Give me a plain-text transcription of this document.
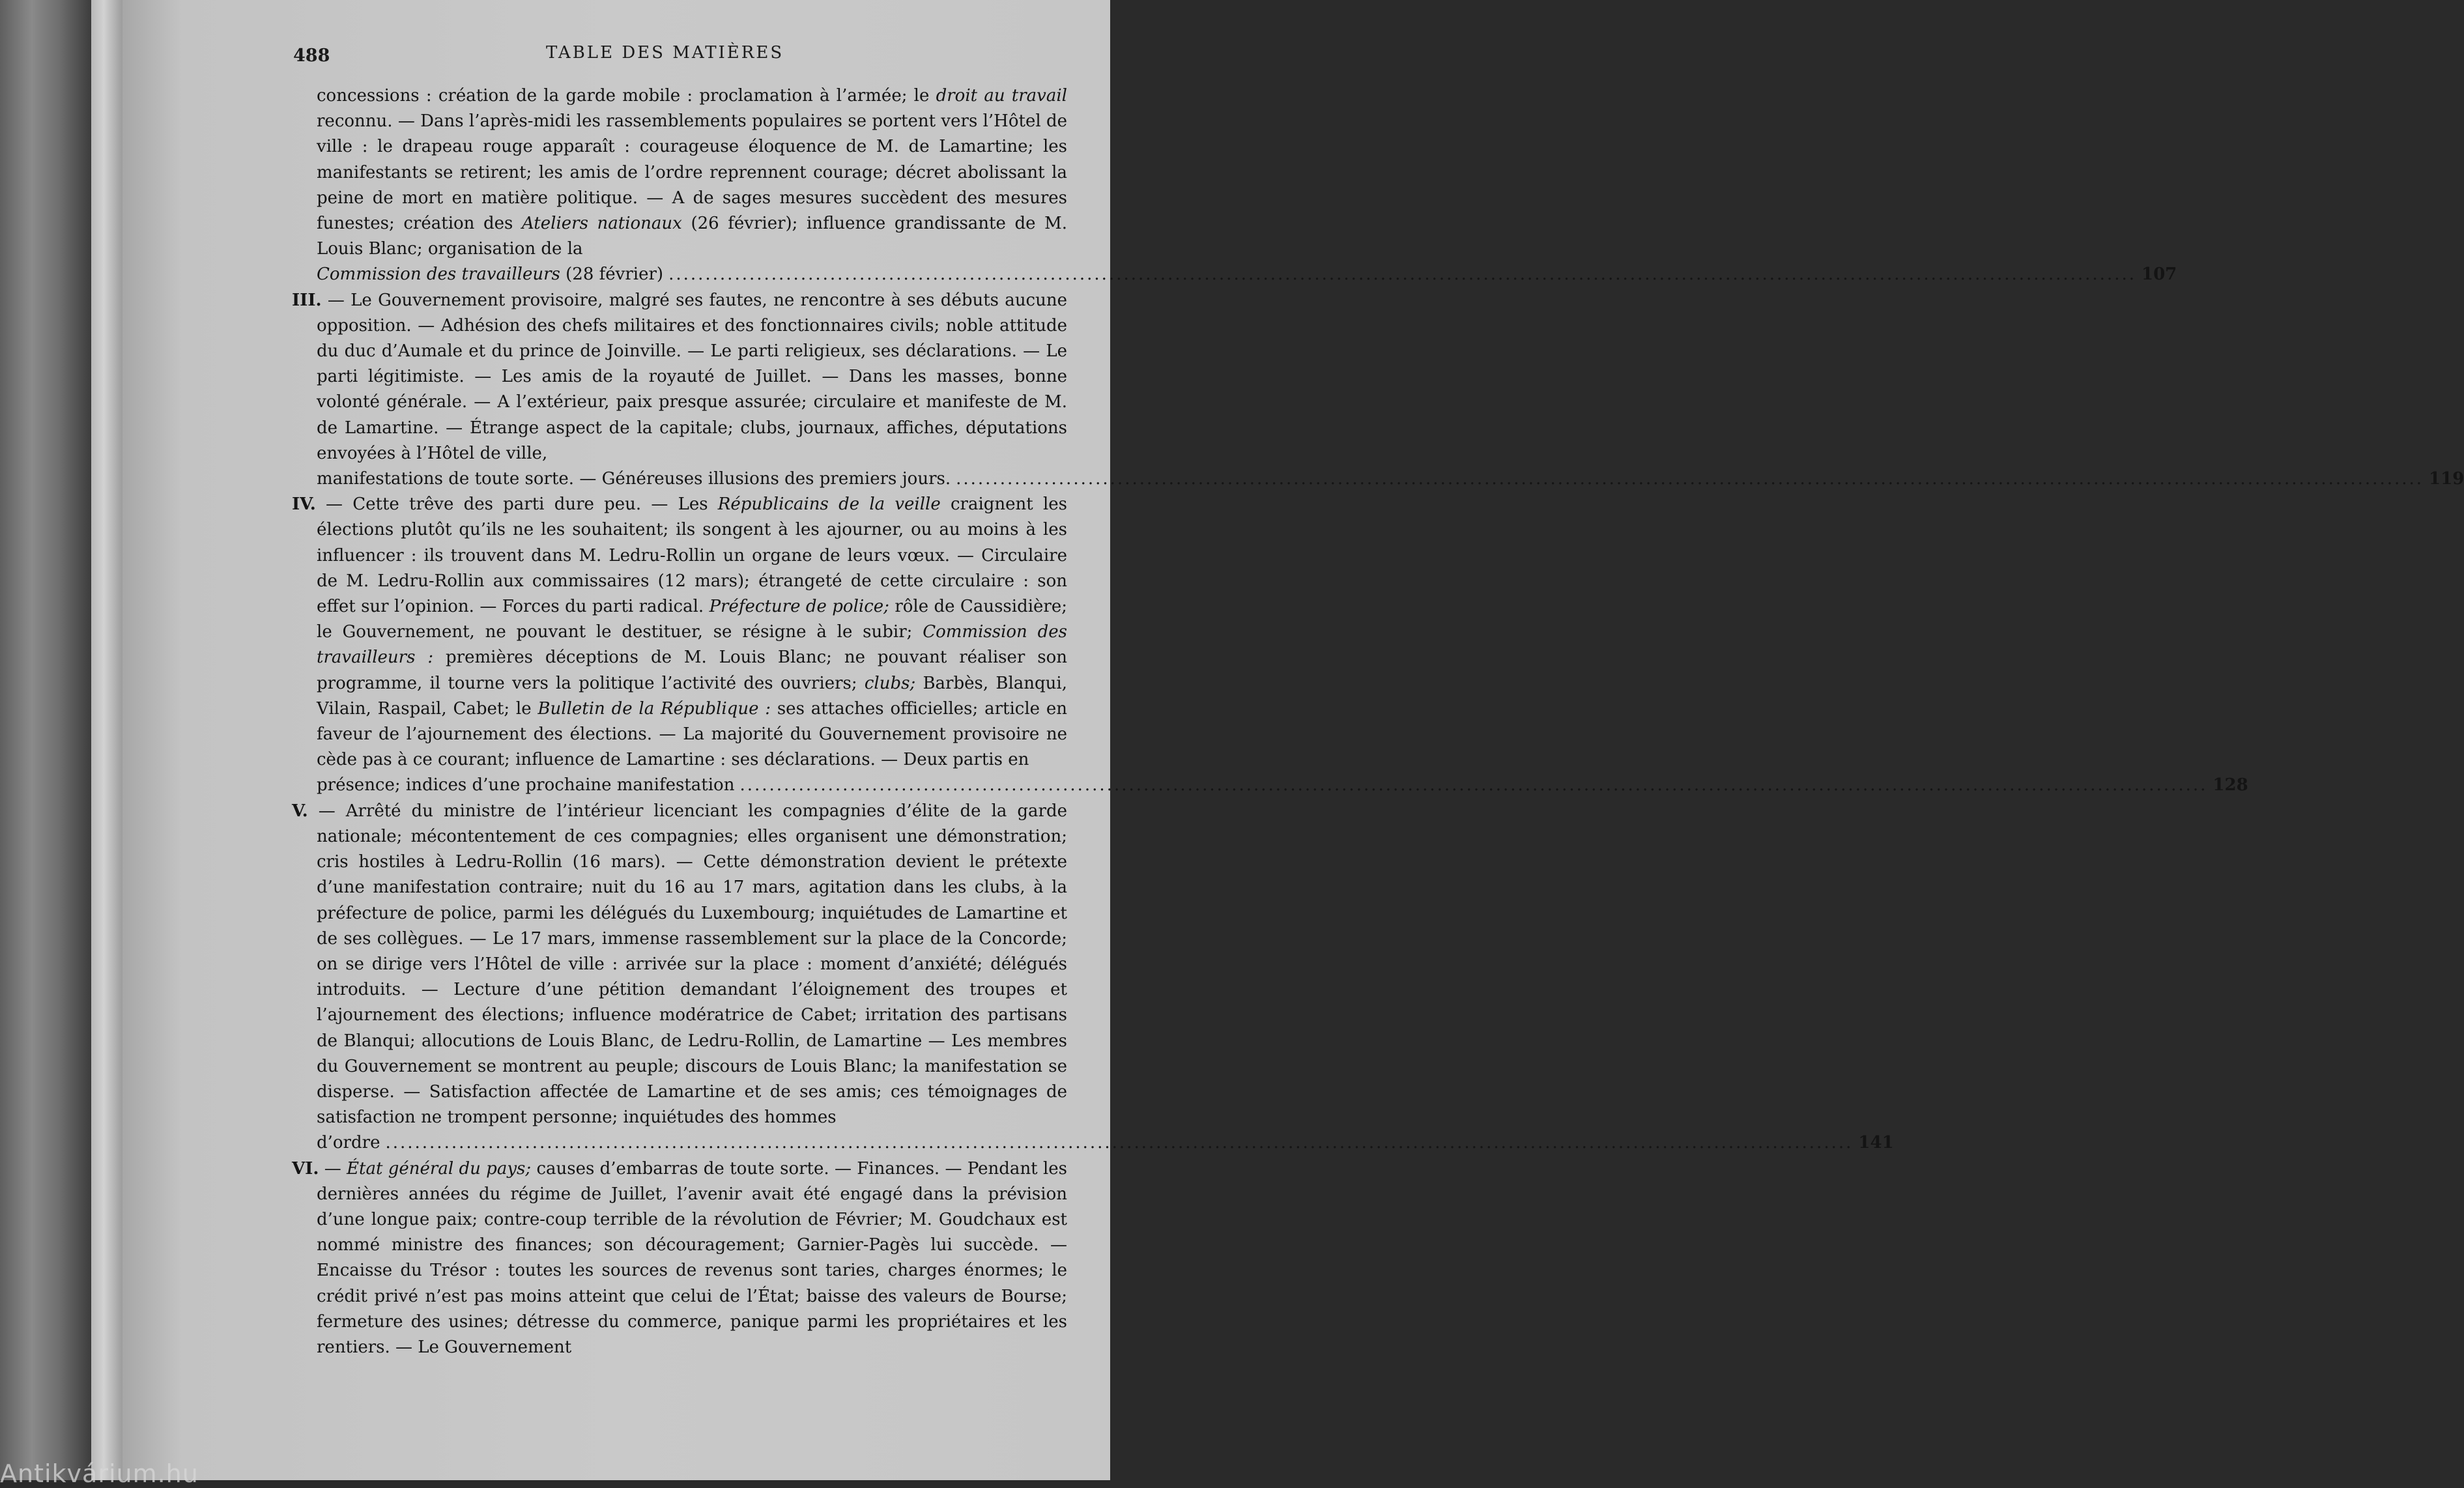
488	TABLE DES MATIÈRES

concessions : création de la garde mobile : proclamation à l’armée; le droit au travail reconnu. — Dans l’après-midi les rassemblements populaires se portent vers l’Hôtel de ville : le drapeau rouge apparaît : courageuse éloquence de M. de Lamartine; les manifestants se retirent; les amis de l’ordre reprennent courage; décret abolissant la peine de mort en matière politique. — A de sages mesures succèdent des mesures funestes; création des Ateliers nationaux (26 février); influence grandissante de M. Louis Blanc; organisation de la

Commission des travailleurs (28 février) ........................................................................................................................................................................................................ 107

III. — Le Gouvernement provisoire, malgré ses fautes, ne rencontre à ses débuts aucune opposition. — Adhésion des chefs militaires et des fonctionnaires civils; noble attitude du duc d’Aumale et du prince de Joinville. — Le parti religieux, ses déclarations. — Le parti légitimiste. — Les amis de la royauté de Juillet. — Dans les masses, bonne volonté générale. — A l’extérieur, paix presque assurée; circulaire et manifeste de M. de Lamartine. — Étrange aspect de la capitale; clubs, journaux, affiches, députations envoyées à l’Hôtel de ville,

manifestations de toute sorte. — Généreuses illusions des premiers jours. ........................................................................................................................................................................................................ 119

IV. — Cette trêve des parti dure peu. — Les Républicains de la veille craignent les élections plutôt qu’ils ne les souhaitent; ils songent à les ajourner, ou au moins à les influencer : ils trouvent dans M. Ledru-Rollin un organe de leurs vœux. — Circulaire de M. Ledru-Rollin aux commissaires (12 mars); étrangeté de cette circulaire : son effet sur l’opinion. — Forces du parti radical. Préfecture de police; rôle de Caussidière; le Gouvernement, ne pouvant le destituer, se résigne à le subir; Commission des travailleurs : premières déceptions de M. Louis Blanc; ne pouvant réaliser son programme, il tourne vers la politique l’activité des ouvriers; clubs; Barbès, Blanqui, Vilain, Raspail, Cabet; le Bulletin de la République : ses attaches officielles; article en faveur de l’ajournement des élections. — La majorité du Gouvernement provisoire ne cède pas à ce courant; influence de Lamartine : ses déclarations. — Deux partis en

présence; indices d’une prochaine manifestation ........................................................................................................................................................................................................ 128

V. — Arrêté du ministre de l’intérieur licenciant les compagnies d’élite de la garde nationale; mécontentement de ces compagnies; elles organisent une démonstration; cris hostiles à Ledru-Rollin (16 mars). — Cette démonstration devient le prétexte d’une manifestation contraire; nuit du 16 au 17 mars, agitation dans les clubs, à la préfecture de police, parmi les délégués du Luxembourg; inquiétudes de Lamartine et de ses collègues. — Le 17 mars, immense rassemblement sur la place de la Concorde; on se dirige vers l’Hôtel de ville : arrivée sur la place : moment d’anxiété; délégués introduits. — Lecture d’une pétition demandant l’éloignement des troupes et l’ajournement des élections; influence modératrice de Cabet; irritation des partisans de Blanqui; allocutions de Louis Blanc, de Ledru-Rollin, de Lamartine — Les membres du Gouvernement se montrent au peuple; discours de Louis Blanc; la manifestation se disperse. — Satisfaction affectée de Lamartine et de ses amis; ces témoignages de satisfaction ne trompent personne; inquiétudes des hommes

d’ordre ........................................................................................................................................................................................................ 141

VI. — État général du pays; causes d’embarras de toute sorte. — Finances. — Pendant les dernières années du régime de Juillet, l’avenir avait été engagé dans la prévision d’une longue paix; contre-coup terrible de la révolution de Février; M. Goudchaux est nommé ministre des finances; son découragement; Garnier-Pagès lui succède. — Encaisse du Trésor : toutes les sources de revenus sont taries, charges énormes; le crédit privé n’est pas moins atteint que celui de l’État; baisse des valeurs de Bourse; fermeture des usines; détresse du commerce, panique parmi les propriétaires et les rentiers. — Le Gouvernement

Antikvárium.hu
